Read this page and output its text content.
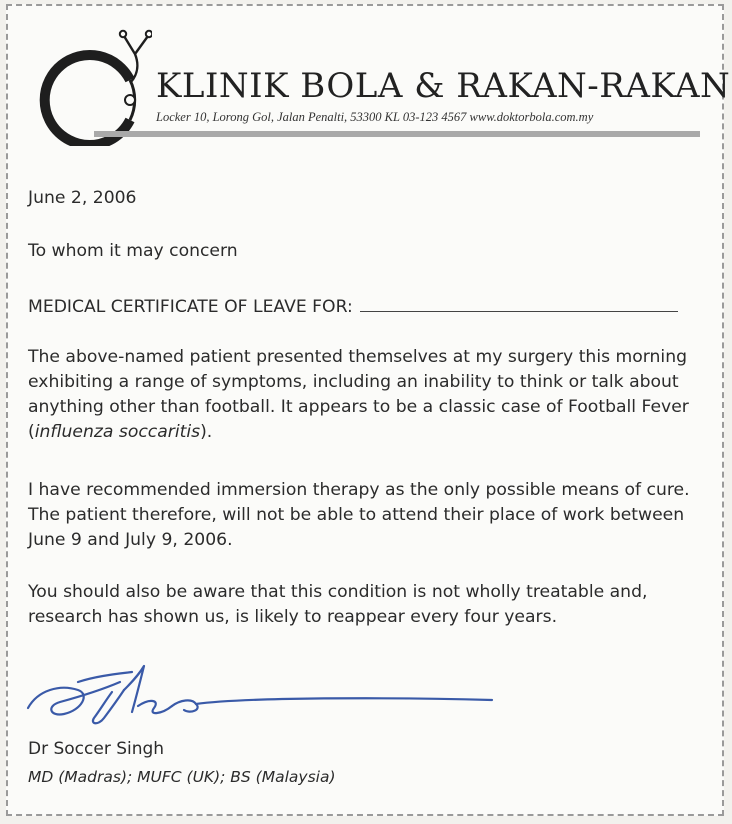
KLINIK BOLA & RAKAN-RAKAN
Locker 10, Lorong Gol, Jalan Penalti, 53300 KL 03-123 4567 www.doktorbola.com.my
June 2, 2006
To whom it may concern
MEDICAL CERTIFICATE OF LEAVE FOR:
The above-named patient presented themselves at my surgery this morning exhibiting a range of symptoms, including an inability to think or talk about anything other than football. It appears to be a classic case of Football Fever (influenza soccaritis).
I have recommended immersion therapy as the only possible means of cure. The patient therefore, will not be able to attend their place of work between June 9 and July 9, 2006.
You should also be aware that this condition is not wholly treatable and, research has shown us, is likely to reappear every four years.
Dr Soccer Singh
MD (Madras); MUFC (UK); BS (Malaysia)
